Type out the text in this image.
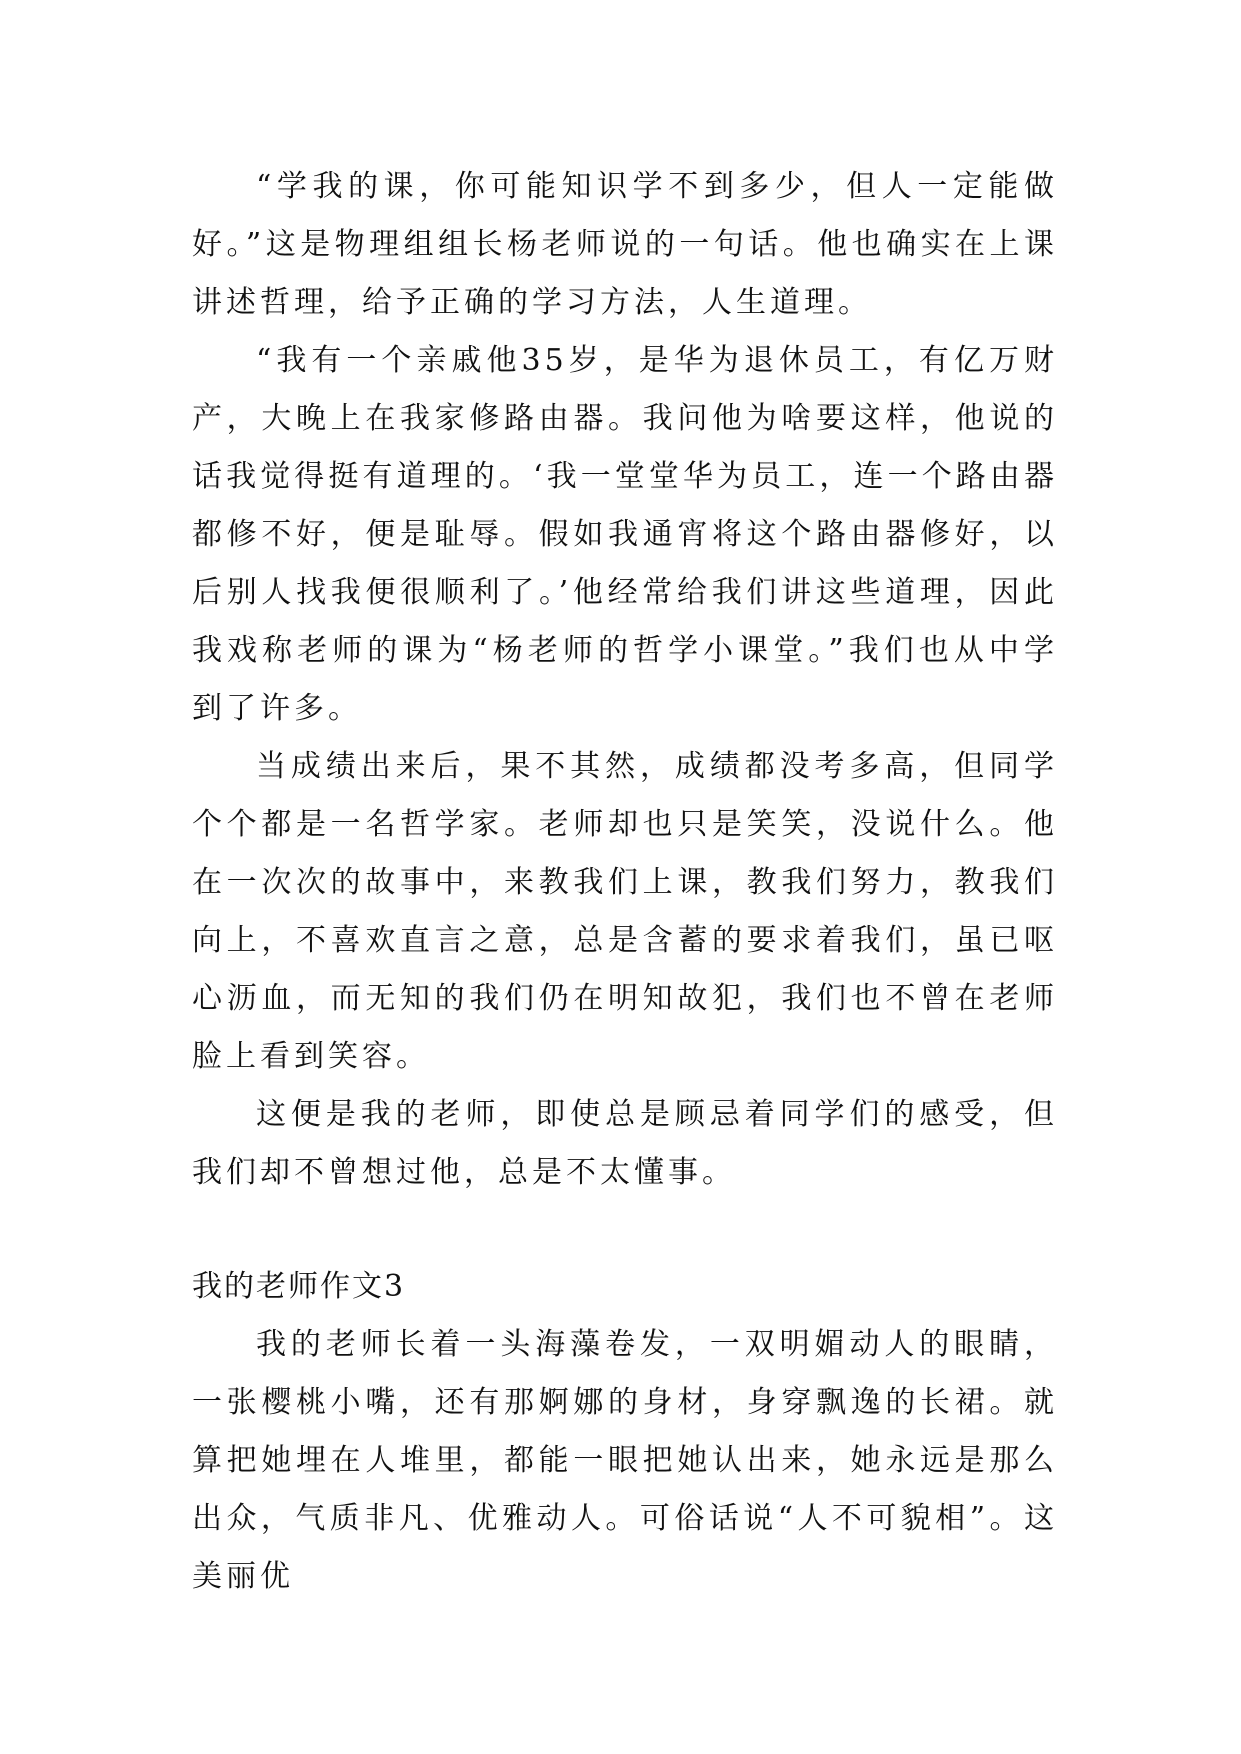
“学我的课，你可能知识学不到多少，但人一定能做好。”这是物理组组长杨老师说的一句话。他也确实在上课讲述哲理，给予正确的学习方法，人生道理。

“我有一个亲戚他35岁，是华为退休员工，有亿万财产，大晚上在我家修路由器。我问他为啥要这样，他说的话我觉得挺有道理的。‘我一堂堂华为员工，连一个路由器都修不好，便是耻辱。假如我通宵将这个路由器修好，以后别人找我便很顺利了。’他经常给我们讲这些道理，因此我戏称老师的课为“杨老师的哲学小课堂。”我们也从中学到了许多。

当成绩出来后，果不其然，成绩都没考多高，但同学个个都是一名哲学家。老师却也只是笑笑，没说什么。他在一次次的故事中，来教我们上课，教我们努力，教我们向上，不喜欢直言之意，总是含蓄的要求着我们，虽已呕心沥血，而无知的我们仍在明知故犯，我们也不曾在老师脸上看到笑容。

这便是我的老师，即使总是顾忌着同学们的感受，但我们却不曾想过他，总是不太懂事。

我的老师作文3

我的老师长着一头海藻卷发，一双明媚动人的眼睛，一张樱桃小嘴，还有那婀娜的身材，身穿飘逸的长裙。就算把她埋在人堆里，都能一眼把她认出来，她永远是那么出众，气质非凡、优雅动人。可俗话说“人不可貌相”。这美丽优
